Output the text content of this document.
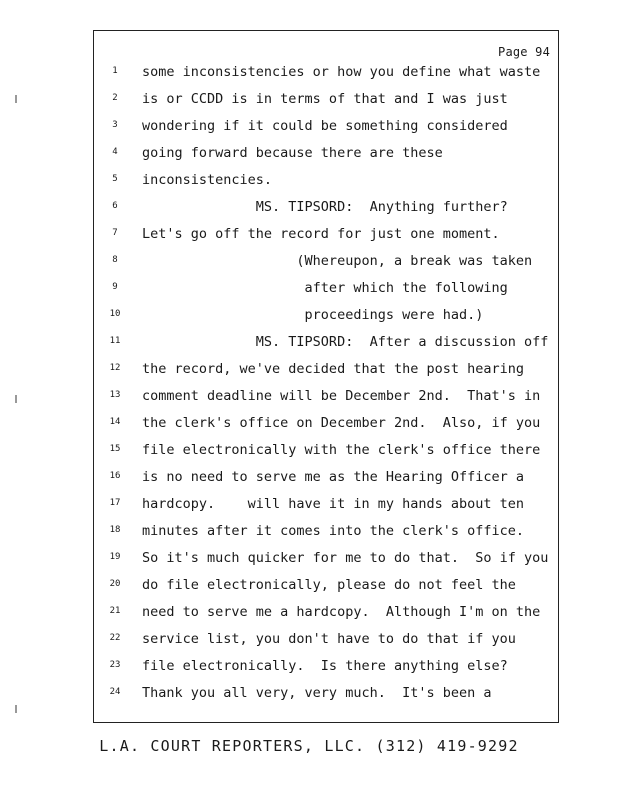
Page 94
1	some inconsistencies or how you define what waste
2	is or CCDD is in terms of that and I was just
3	wondering if it could be something considered
4	going forward because there are these
5	inconsistencies.
6	MS. TIPSORD:  Anything further?
7	Let's go off the record for just one moment.
8	(Whereupon, a break was taken
9	after which the following
10	proceedings were had.)
11	MS. TIPSORD:  After a discussion off
12	the record, we've decided that the post hearing
13	comment deadline will be December 2nd.  That's in
14	the clerk's office on December 2nd.  Also, if you
15	file electronically with the clerk's office there
16	is no need to serve me as the Hearing Officer a
17	hardcopy.    will have it in my hands about ten
18	minutes after it comes into the clerk's office.
19	So it's much quicker for me to do that.  So if you
20	do file electronically, please do not feel the
21	need to serve me a hardcopy.  Although I'm on the
22	service list, you don't have to do that if you
23	file electronically.  Is there anything else?
24	Thank you all very, very much.  It's been a
L.A. COURT REPORTERS, LLC. (312) 419-9292
